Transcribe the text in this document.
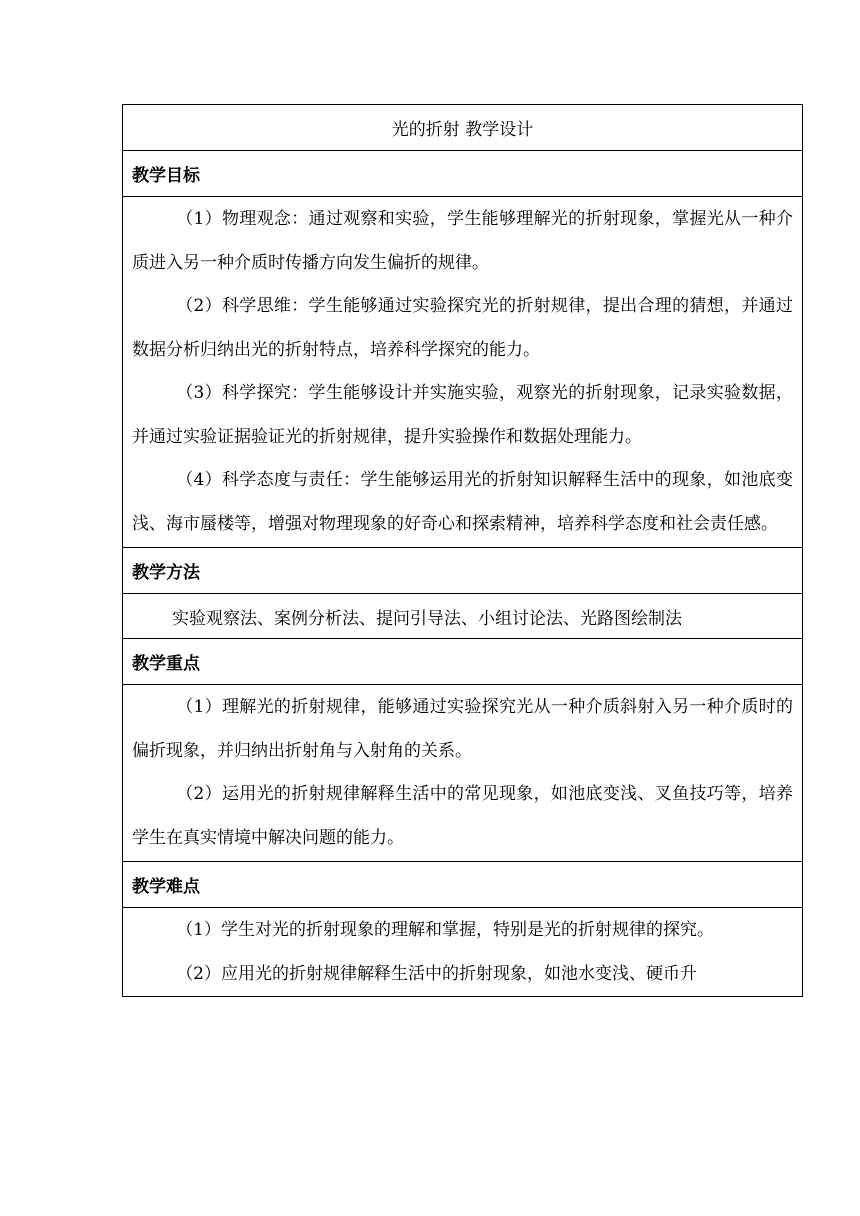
光的折射 教学设计
教学目标

（1）物理观念：通过观察和实验，学生能够理解光的折射现象，掌握光从一种介质进入另一种介质时传播方向发生偏折的规律。

（2）科学思维：学生能够通过实验探究光的折射规律，提出合理的猜想，并通过数据分析归纳出光的折射特点，培养科学探究的能力。

（3）科学探究：学生能够设计并实施实验，观察光的折射现象，记录实验数据，并通过实验证据验证光的折射规律，提升实验操作和数据处理能力。

（4）科学态度与责任：学生能够运用光的折射知识解释生活中的现象，如池底变浅、海市蜃楼等，增强对物理现象的好奇心和探索精神，培养科学态度和社会责任感。

教学方法
实验观察法、案例分析法、提问引导法、小组讨论法、光路图绘制法
教学重点

（1）理解光的折射规律，能够通过实验探究光从一种介质斜射入另一种介质时的偏折现象，并归纳出折射角与入射角的关系。

（2）运用光的折射规律解释生活中的常见现象，如池底变浅、叉鱼技巧等，培养学生在真实情境中解决问题的能力。

教学难点

（1）学生对光的折射现象的理解和掌握，特别是光的折射规律的探究。

（2）应用光的折射规律解释生活中的折射现象，如池水变浅、硬币升
